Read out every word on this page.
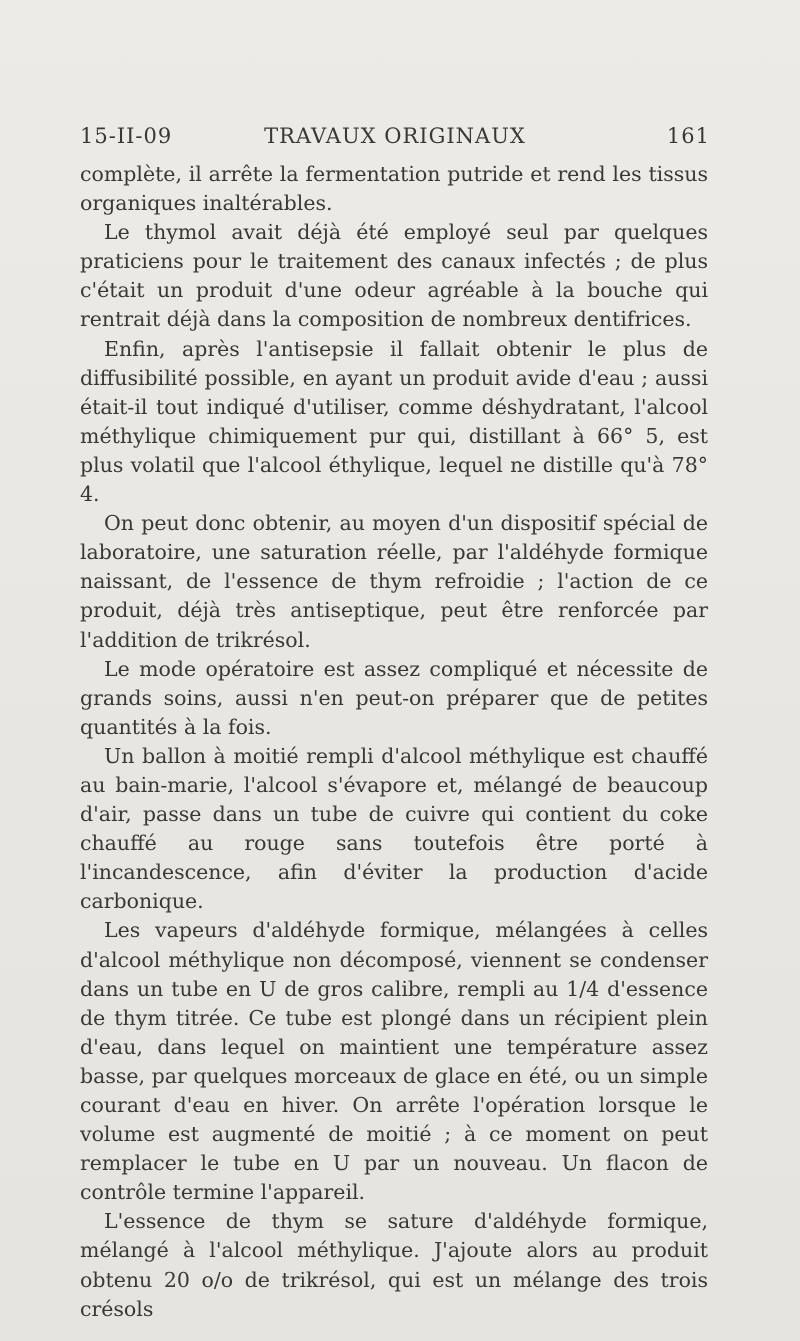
15-II-09	TRAVAUX ORIGINAUX	161

complète, il arrête la fermentation putride et rend les tissus organiques inaltérables.

Le thymol avait déjà été employé seul par quelques praticiens pour le traitement des canaux infectés ; de plus c'était un produit d'une odeur agréable à la bouche qui rentrait déjà dans la composition de nombreux dentifrices.

Enfin, après l'antisepsie il fallait obtenir le plus de diffusibilité possible, en ayant un produit avide d'eau ; aussi était-il tout indiqué d'utiliser, comme déshydratant, l'alcool méthylique chimiquement pur qui, distillant à 66° 5, est plus volatil que l'alcool éthylique, lequel ne distille qu'à 78° 4.

On peut donc obtenir, au moyen d'un dispositif spécial de laboratoire, une saturation réelle, par l'aldéhyde formique naissant, de l'essence de thym refroidie ; l'action de ce produit, déjà très antiseptique, peut être renforcée par l'addition de trikrésol.

Le mode opératoire est assez compliqué et nécessite de grands soins, aussi n'en peut-on préparer que de petites quantités à la fois.

Un ballon à moitié rempli d'alcool méthylique est chauffé au bain-marie, l'alcool s'évapore et, mélangé de beaucoup d'air, passe dans un tube de cuivre qui contient du coke chauffé au rouge sans toutefois être porté à l'incandescence, afin d'éviter la production d'acide carbonique.

Les vapeurs d'aldéhyde formique, mélangées à celles d'alcool méthylique non décomposé, viennent se condenser dans un tube en U de gros calibre, rempli au 1/4 d'essence de thym titrée. Ce tube est plongé dans un récipient plein d'eau, dans lequel on maintient une température assez basse, par quelques morceaux de glace en été, ou un simple courant d'eau en hiver. On arrête l'opération lorsque le volume est augmenté de moitié ; à ce moment on peut remplacer le tube en U par un nouveau. Un flacon de contrôle termine l'appareil.

L'essence de thym se sature d'aldéhyde formique, mélangé à l'alcool méthylique. J'ajoute alors au produit obtenu 20 o/o de trikrésol, qui est un mélange des trois crésols
